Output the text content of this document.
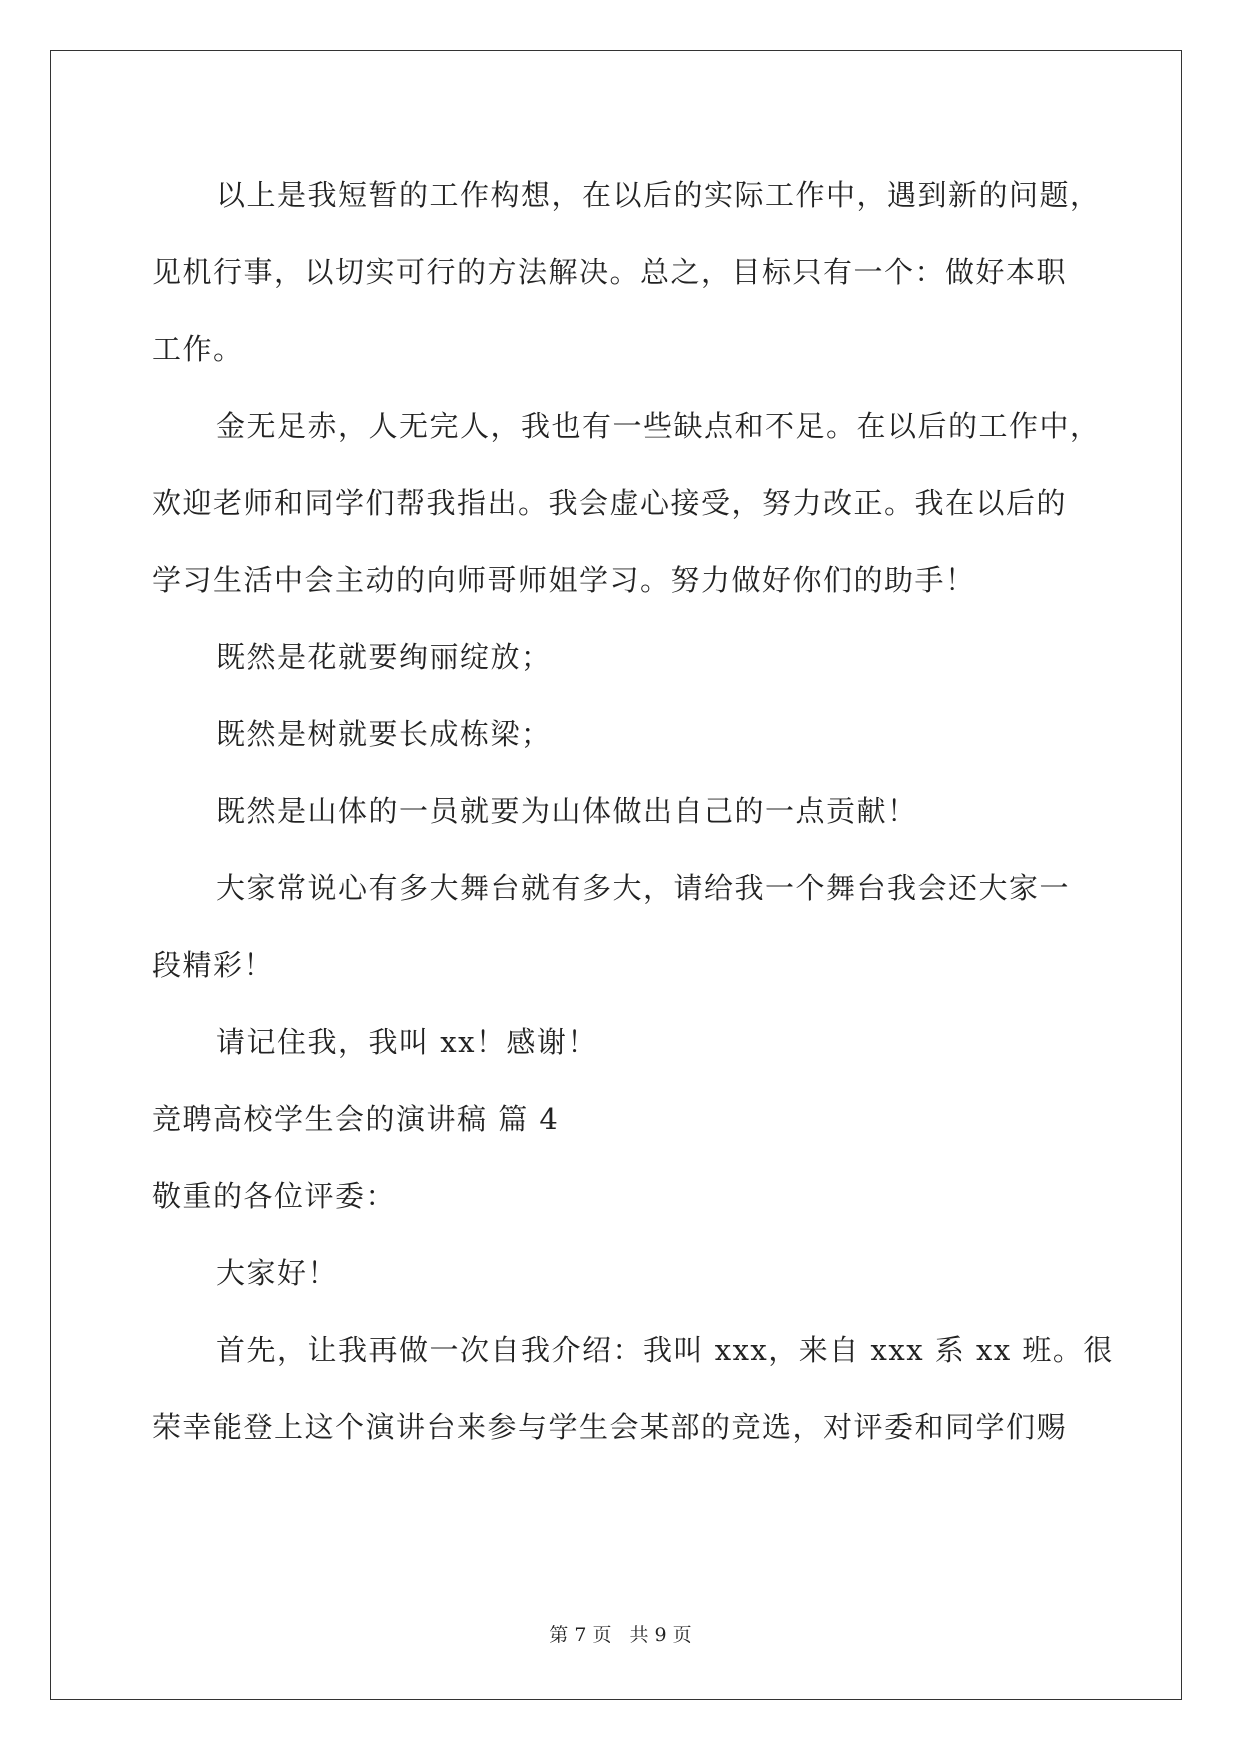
以上是我短暂的工作构想，在以后的实际工作中，遇到新的问题，
见机行事，以切实可行的方法解决。总之，目标只有一个：做好本职
工作。
金无足赤，人无完人，我也有一些缺点和不足。在以后的工作中，
欢迎老师和同学们帮我指出。我会虚心接受，努力改正。我在以后的
学习生活中会主动的向师哥师姐学习。努力做好你们的助手！
既然是花就要绚丽绽放；
既然是树就要长成栋梁；
既然是山体的一员就要为山体做出自己的一点贡献！
大家常说心有多大舞台就有多大，请给我一个舞台我会还大家一
段精彩！
请记住我，我叫 xx！感谢！
竞聘高校学生会的演讲稿 篇 4
敬重的各位评委：
大家好！
首先，让我再做一次自我介绍：我叫 xxx，来自 xxx 系 xx 班。很
荣幸能登上这个演讲台来参与学生会某部的竞选，对评委和同学们赐
第 7 页 共 9 页
